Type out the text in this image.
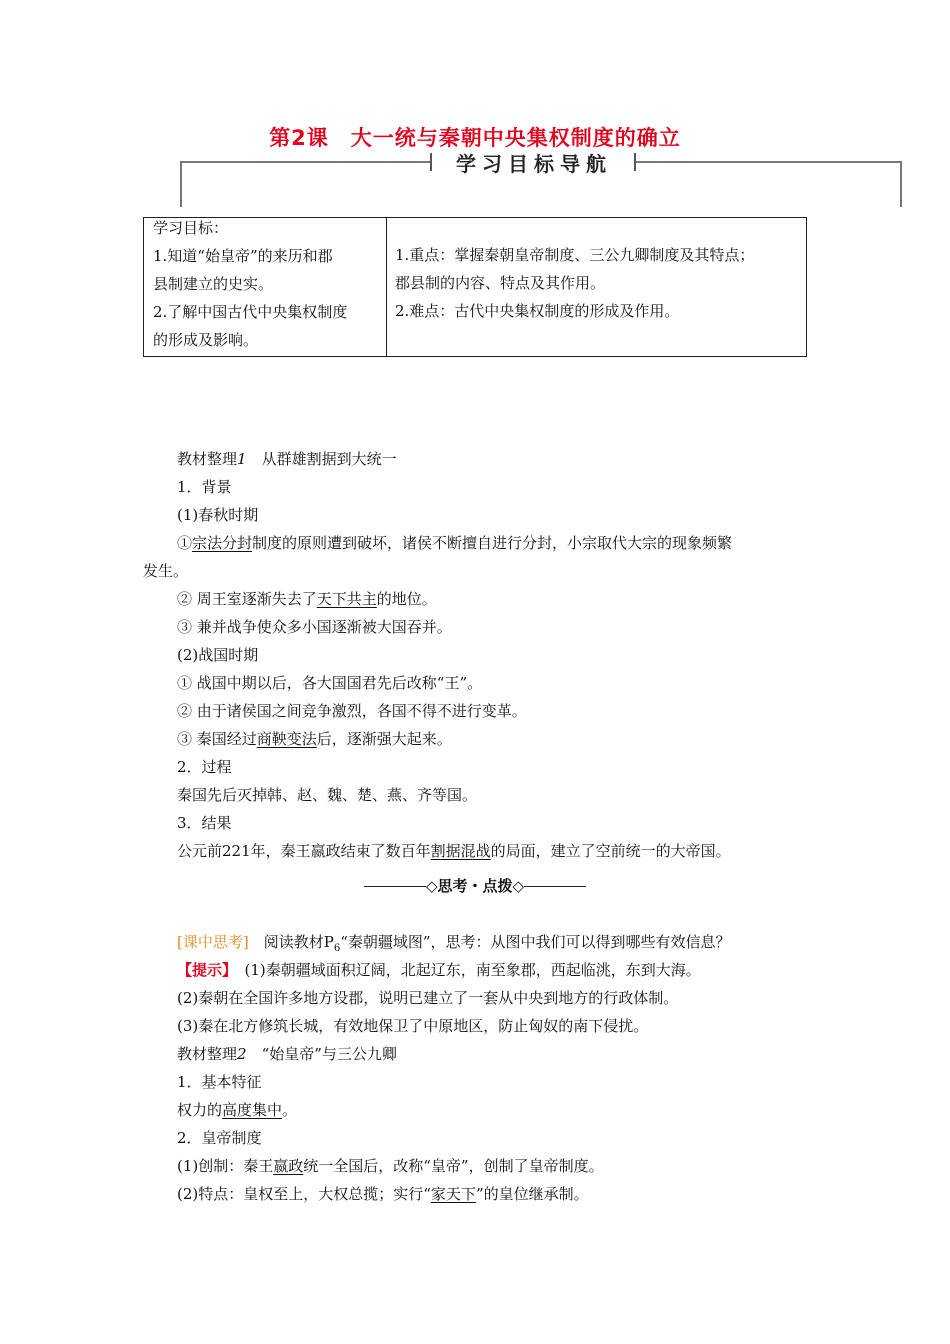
第2课　大一统与秦朝中央集权制度的确立
学习目标导航
学习目标：
1.知道“始皇帝”的来历和郡
县制建立的史实。
2.了解中国古代中央集权制度
的形成及影响。
1.重点：掌握秦朝皇帝制度、三公九卿制度及其特点；
郡县制的内容、特点及其作用。
2.难点：古代中央集权制度的形成及作用。
教材整理1　从群雄割据到大统一
1．背景
(1)春秋时期
①宗法分封制度的原则遭到破坏，诸侯不断擅自进行分封，小宗取代大宗的现象频繁
发生。
② 周王室逐渐失去了天下共主的地位。
③ 兼并战争使众多小国逐渐被大国吞并。
(2)战国时期
① 战国中期以后，各大国国君先后改称“王”。
② 由于诸侯国之间竞争激烈，各国不得不进行变革。
③ 秦国经过商鞅变法后，逐渐强大起来。
2．过程
秦国先后灭掉韩、赵、魏、楚、燕、齐等国。
3．结果
公元前221年，秦王嬴政结束了数百年割据混战的局面，建立了空前统一的大帝国。
◇思考・点拨◇
[课中思考]　阅读教材$P_6“$秦朝疆域图”，思考：从图中我们可以得到哪些有效信息？
【提示】　(1)秦朝疆域面积辽阔，北起辽东，南至象郡，西起临洮，东到大海。
(2)秦朝在全国许多地方设郡，说明已建立了一套从中央到地方的行政体制。
(3)秦在北方修筑长城，有效地保卫了中原地区，防止匈奴的南下侵扰。
教材整理2　“始皇帝”与三公九卿
1．基本特征
权力的高度集中。
2．皇帝制度
(1)创制：秦王嬴政统一全国后，改称“皇帝”，创制了皇帝制度。
(2)特点：皇权至上，大权总揽；实行“家天下”的皇位继承制。
